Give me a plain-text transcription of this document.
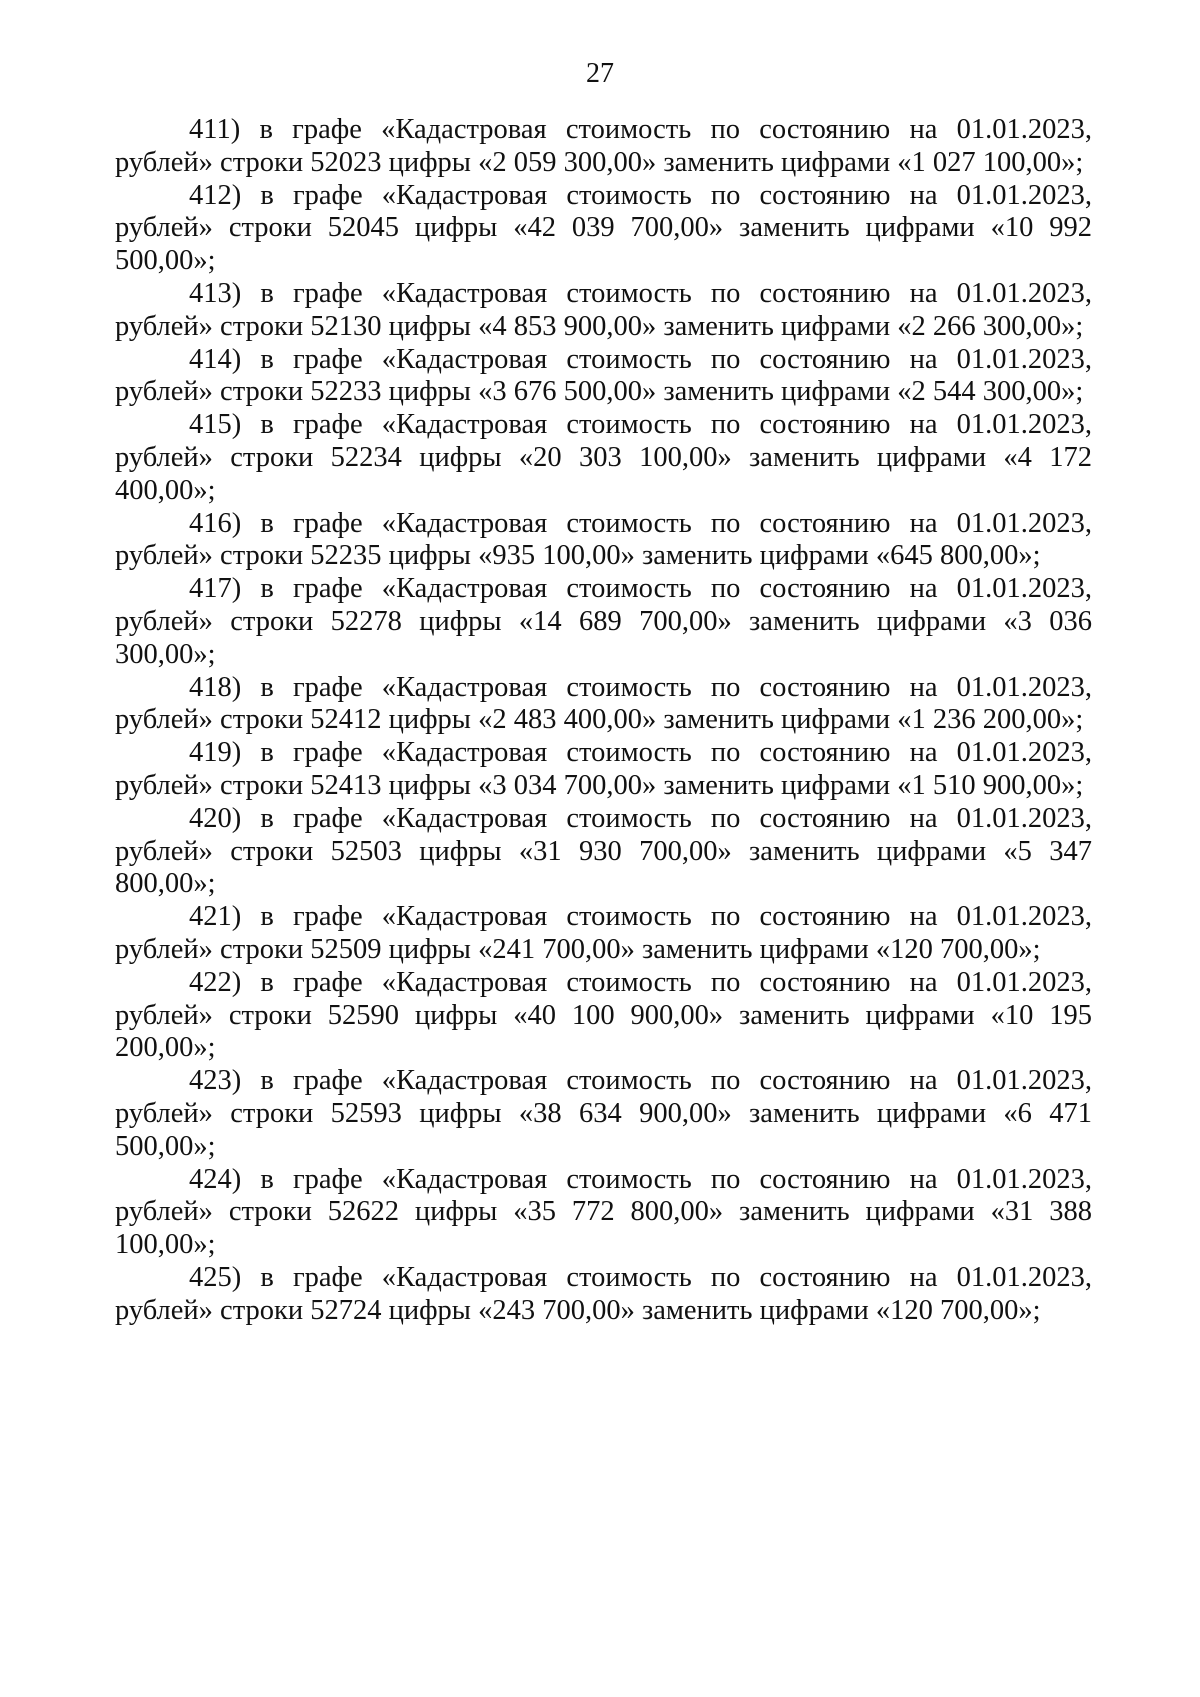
27

411) в графе «Кадастровая стоимость по состоянию на 01.01.2023, рублей» строки 52023 цифры «2 059 300,00» заменить цифрами «1 027 100,00»;

412) в графе «Кадастровая стоимость по состоянию на 01.01.2023, рублей» строки 52045 цифры «42 039 700,00» заменить цифрами «10 992 500,00»;

413) в графе «Кадастровая стоимость по состоянию на 01.01.2023, рублей» строки 52130 цифры «4 853 900,00» заменить цифрами «2 266 300,00»;

414) в графе «Кадастровая стоимость по состоянию на 01.01.2023, рублей» строки 52233 цифры «3 676 500,00» заменить цифрами «2 544 300,00»;

415) в графе «Кадастровая стоимость по состоянию на 01.01.2023, рублей» строки 52234 цифры «20 303 100,00» заменить цифрами «4 172 400,00»;

416) в графе «Кадастровая стоимость по состоянию на 01.01.2023, рублей» строки 52235 цифры «935 100,00» заменить цифрами «645 800,00»;

417) в графе «Кадастровая стоимость по состоянию на 01.01.2023, рублей» строки 52278 цифры «14 689 700,00» заменить цифрами «3 036 300,00»;

418) в графе «Кадастровая стоимость по состоянию на 01.01.2023, рублей» строки 52412 цифры «2 483 400,00» заменить цифрами «1 236 200,00»;

419) в графе «Кадастровая стоимость по состоянию на 01.01.2023, рублей» строки 52413 цифры «3 034 700,00» заменить цифрами «1 510 900,00»;

420) в графе «Кадастровая стоимость по состоянию на 01.01.2023, рублей» строки 52503 цифры «31 930 700,00» заменить цифрами «5 347 800,00»;

421) в графе «Кадастровая стоимость по состоянию на 01.01.2023, рублей» строки 52509 цифры «241 700,00» заменить цифрами «120 700,00»;

422) в графе «Кадастровая стоимость по состоянию на 01.01.2023, рублей» строки 52590 цифры «40 100 900,00» заменить цифрами «10 195 200,00»;

423) в графе «Кадастровая стоимость по состоянию на 01.01.2023, рублей» строки 52593 цифры «38 634 900,00» заменить цифрами «6 471 500,00»;

424) в графе «Кадастровая стоимость по состоянию на 01.01.2023, рублей» строки 52622 цифры «35 772 800,00» заменить цифрами «31 388 100,00»;

425) в графе «Кадастровая стоимость по состоянию на 01.01.2023, рублей» строки 52724 цифры «243 700,00» заменить цифрами «120 700,00»;
